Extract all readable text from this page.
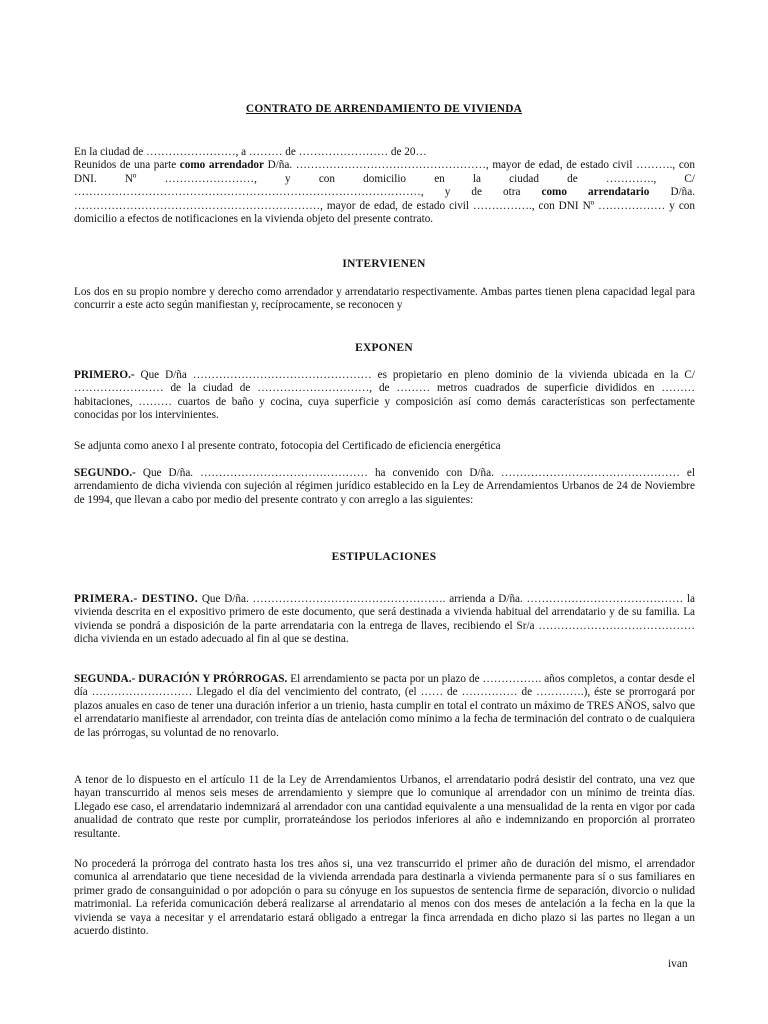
CONTRATO DE ARRENDAMIENTO DE VIVIENDA

En la ciudad de ……………………, a ……… de …………………… de 20…
Reunidos de una parte como arrendador D/ña. ……………………………………………, mayor de edad, de estado civil ………., con DNI. Nº ……………………, y con domicilio en la ciudad de …………., C/ …………………………………………………………………………………, y de otra como arrendatario D/ña. …………………………………………………………, mayor de edad, de estado civil ……………., con DNI Nº ……………… y con domicilio a efectos de notificaciones en la vivienda objeto del presente contrato.

INTERVIENEN

Los dos en su propio nombre y derecho como arrendador y arrendatario respectivamente. Ambas partes tienen plena capacidad legal para concurrir a este acto según manifiestan y, recíprocamente, se reconocen y

EXPONEN

PRIMERO.- Que D/ña ………………………………………… es propietario en pleno dominio de la vivienda ubicada en la C/ …………………… de la ciudad de …………………………, de ……… metros cuadrados de superficie divididos en ……… habitaciones, ……… cuartos de baño y cocina, cuya superficie y composición así como demás características son perfectamente conocidas por los intervinientes.

Se adjunta como anexo I al presente contrato, fotocopia del Certificado de eficiencia energética

SEGUNDO.- Que D/ña. ……………………………………… ha convenido con D/ña. ………………………………………… el arrendamiento de dicha vivienda con sujeción al régimen jurídico establecido en la Ley de Arrendamientos Urbanos de 24 de Noviembre de 1994, que llevan a cabo por medio del presente contrato y con arreglo a las siguientes:

ESTIPULACIONES

PRIMERA.- DESTINO. Que D/ña. ……………………………………………. arrienda a D/ña. …………………………………… la vivienda descrita en el expositivo primero de este documento, que será destinada a vivienda habitual del arrendatario y de su familia. La vivienda se pondrá a disposición de la parte arrendataria con la entrega de llaves, recibiendo el Sr/a …………………………………… dicha vivienda en un estado adecuado al fin al que se destina.

SEGUNDA.- DURACIÓN Y PRÓRROGAS. El arrendamiento se pacta por un plazo de ……………. años completos, a contar desde el día ……………………… Llegado el día del vencimiento del contrato, (el …… de …………… de ………….), éste se prorrogará por plazos anuales en caso de tener una duración inferior a un trienio, hasta cumplir en total el contrato un máximo de TRES AÑOS, salvo que el arrendatario manifieste al arrendador, con treinta días de antelación como mínimo a la fecha de terminación del contrato o de cualquiera de las prórrogas, su voluntad de no renovarlo.

A tenor de lo dispuesto en el artículo 11 de la Ley de Arrendamientos Urbanos, el arrendatario podrá desistir del contrato, una vez que hayan transcurrido al menos seis meses de arrendamiento y siempre que lo comunique al arrendador con un mínimo de treinta días. Llegado ese caso, el arrendatario indemnizará al arrendador con una cantidad equivalente a una mensualidad de la renta en vigor por cada anualidad de contrato que reste por cumplir, prorrateándose los periodos inferiores al año e indemnizando en proporción al prorrateo resultante.

No procederá la prórroga del contrato hasta los tres años si, una vez transcurrido el primer año de duración del mismo, el arrendador comunica al arrendatario que tiene necesidad de la vivienda arrendada para destinarla a vivienda permanente para sí o sus familiares en primer grado de consanguinidad o por adopción o para su cónyuge en los supuestos de sentencia firme de separación, divorcio o nulidad matrimonial. La referida comunicación deberá realizarse al arrendatario al menos con dos meses de antelación a la fecha en la que la vivienda se vaya a necesitar y el arrendatario estará obligado a entregar la finca arrendada en dicho plazo si las partes no llegan a un acuerdo distinto.

ivan
